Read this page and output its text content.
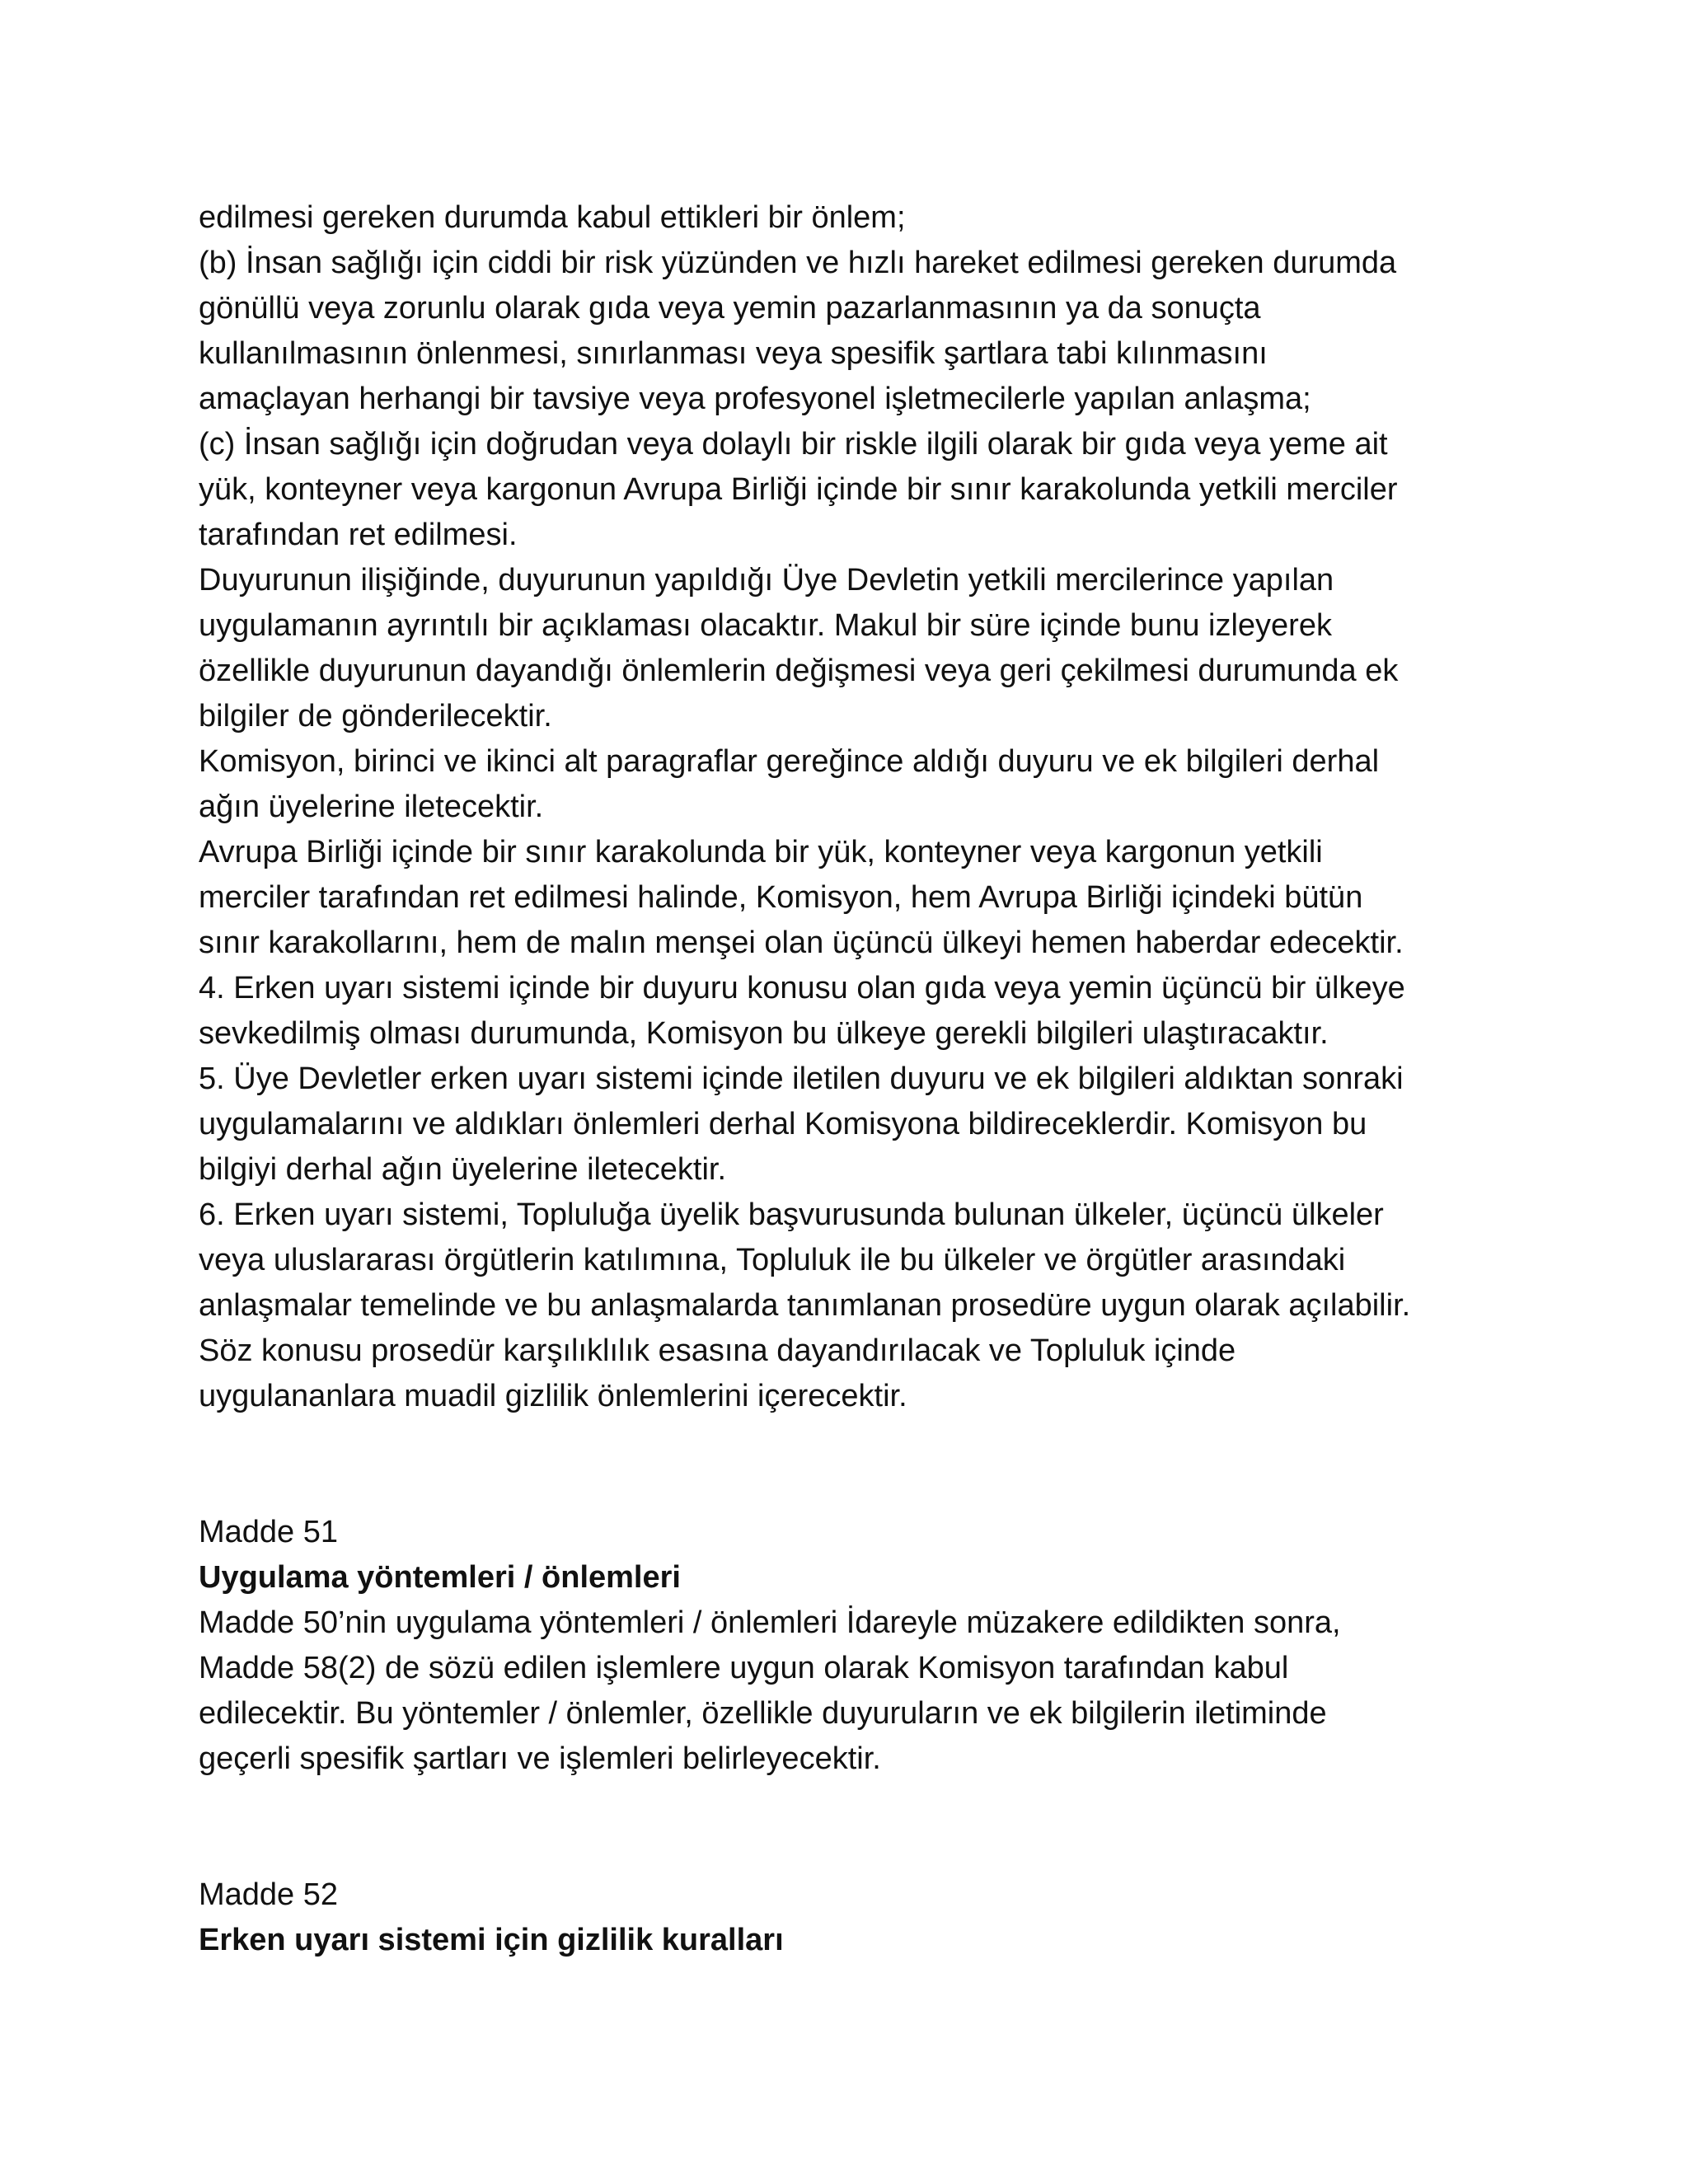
edilmesi gereken durumda kabul ettikleri bir önlem;
(b) İnsan sağlığı için ciddi bir risk yüzünden ve hızlı hareket edilmesi gereken durumda
gönüllü veya zorunlu olarak gıda veya yemin pazarlanmasının ya da sonuçta
kullanılmasının önlenmesi, sınırlanması veya spesifik şartlara tabi kılınmasını
amaçlayan herhangi bir tavsiye veya profesyonel işletmecilerle yapılan anlaşma;
(c) İnsan sağlığı için doğrudan veya dolaylı bir riskle ilgili olarak bir gıda veya yeme ait
yük, konteyner veya kargonun Avrupa Birliği içinde bir sınır karakolunda yetkili merciler
tarafından ret edilmesi.
Duyurunun ilişiğinde, duyurunun yapıldığı Üye Devletin yetkili mercilerince yapılan
uygulamanın ayrıntılı bir açıklaması olacaktır. Makul bir süre içinde bunu izleyerek
özellikle duyurunun dayandığı önlemlerin değişmesi veya geri çekilmesi durumunda ek
bilgiler de gönderilecektir.
Komisyon, birinci ve ikinci alt paragraflar gereğince aldığı duyuru ve ek bilgileri derhal
ağın üyelerine iletecektir.
Avrupa Birliği içinde bir sınır karakolunda bir yük, konteyner veya kargonun yetkili
merciler tarafından ret edilmesi halinde, Komisyon, hem Avrupa Birliği içindeki bütün
sınır karakollarını, hem de malın menşei olan üçüncü ülkeyi hemen haberdar edecektir.
4. Erken uyarı sistemi içinde bir duyuru konusu olan gıda veya yemin üçüncü bir ülkeye
sevkedilmiş olması durumunda, Komisyon bu ülkeye gerekli bilgileri ulaştıracaktır.
5. Üye Devletler erken uyarı sistemi içinde iletilen duyuru ve ek bilgileri aldıktan sonraki
uygulamalarını ve aldıkları önlemleri derhal Komisyona bildireceklerdir. Komisyon bu
bilgiyi derhal ağın üyelerine iletecektir.
6. Erken uyarı sistemi, Topluluğa üyelik başvurusunda bulunan ülkeler, üçüncü ülkeler
veya uluslararası örgütlerin katılımına, Topluluk ile bu ülkeler ve örgütler arasındaki
anlaşmalar temelinde ve bu anlaşmalarda tanımlanan prosedüre uygun olarak açılabilir.
Söz konusu prosedür karşılıklılık esasına dayandırılacak ve Topluluk içinde
uygulananlara muadil gizlilik önlemlerini içerecektir.
Madde 51
Uygulama yöntemleri / önlemleri
Madde 50’nin uygulama yöntemleri / önlemleri İdareyle müzakere edildikten sonra,
Madde 58(2) de sözü edilen işlemlere uygun olarak Komisyon tarafından kabul
edilecektir. Bu yöntemler / önlemler, özellikle duyuruların ve ek bilgilerin iletiminde
geçerli spesifik şartları ve işlemleri belirleyecektir.
Madde 52
Erken uyarı sistemi için gizlilik kuralları
